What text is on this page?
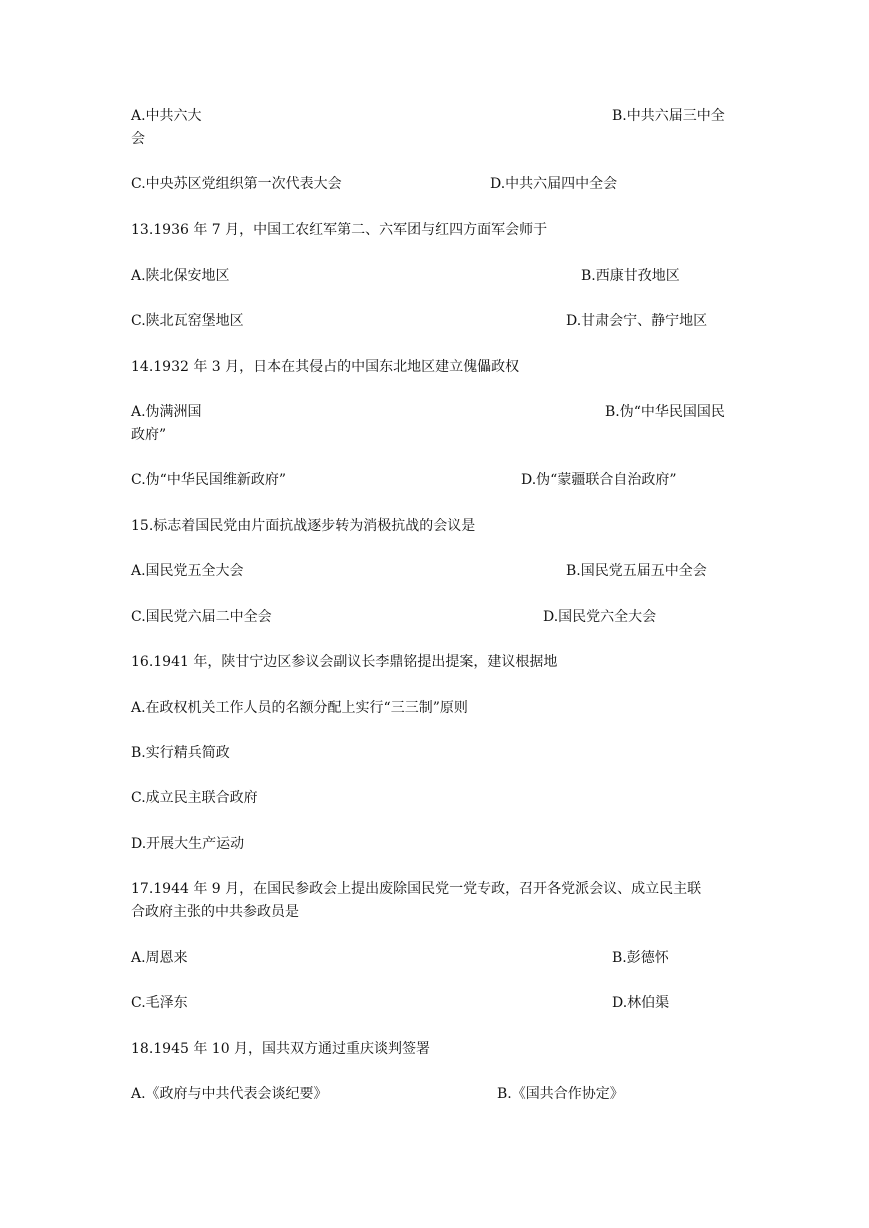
A.中共六大	B.中共六届三中全
会
C.中央苏区党组织第一次代表大会	D.中共六届四中全会
13.1936 年 7 月，中国工农红军第二、六军团与红四方面军会师于
A.陕北保安地区	B.西康甘孜地区
C.陕北瓦窑堡地区	D.甘肃会宁、静宁地区
14.1932 年 3 月，日本在其侵占的中国东北地区建立傀儡政权
A.伪满洲国	B.伪“中华民国国民
政府”
C.伪“中华民国维新政府”	D.伪“蒙疆联合自治政府”
15.标志着国民党由片面抗战逐步转为消极抗战的会议是
A.国民党五全大会	B.国民党五届五中全会
C.国民党六届二中全会	D.国民党六全大会
16.1941 年，陕甘宁边区参议会副议长李鼎铭提出提案，建议根据地
A.在政权机关工作人员的名额分配上实行“三三制”原则
B.实行精兵简政
C.成立民主联合政府
D.开展大生产运动
17.1944 年 9 月，在国民参政会上提出废除国民党一党专政，召开各党派会议、成立民主联
合政府主张的中共参政员是
A.周恩来	B.彭德怀
C.毛泽东	D.林伯渠
18.1945 年 10 月，国共双方通过重庆谈判签署
A.《政府与中共代表会谈纪要》	B.《国共合作协定》
